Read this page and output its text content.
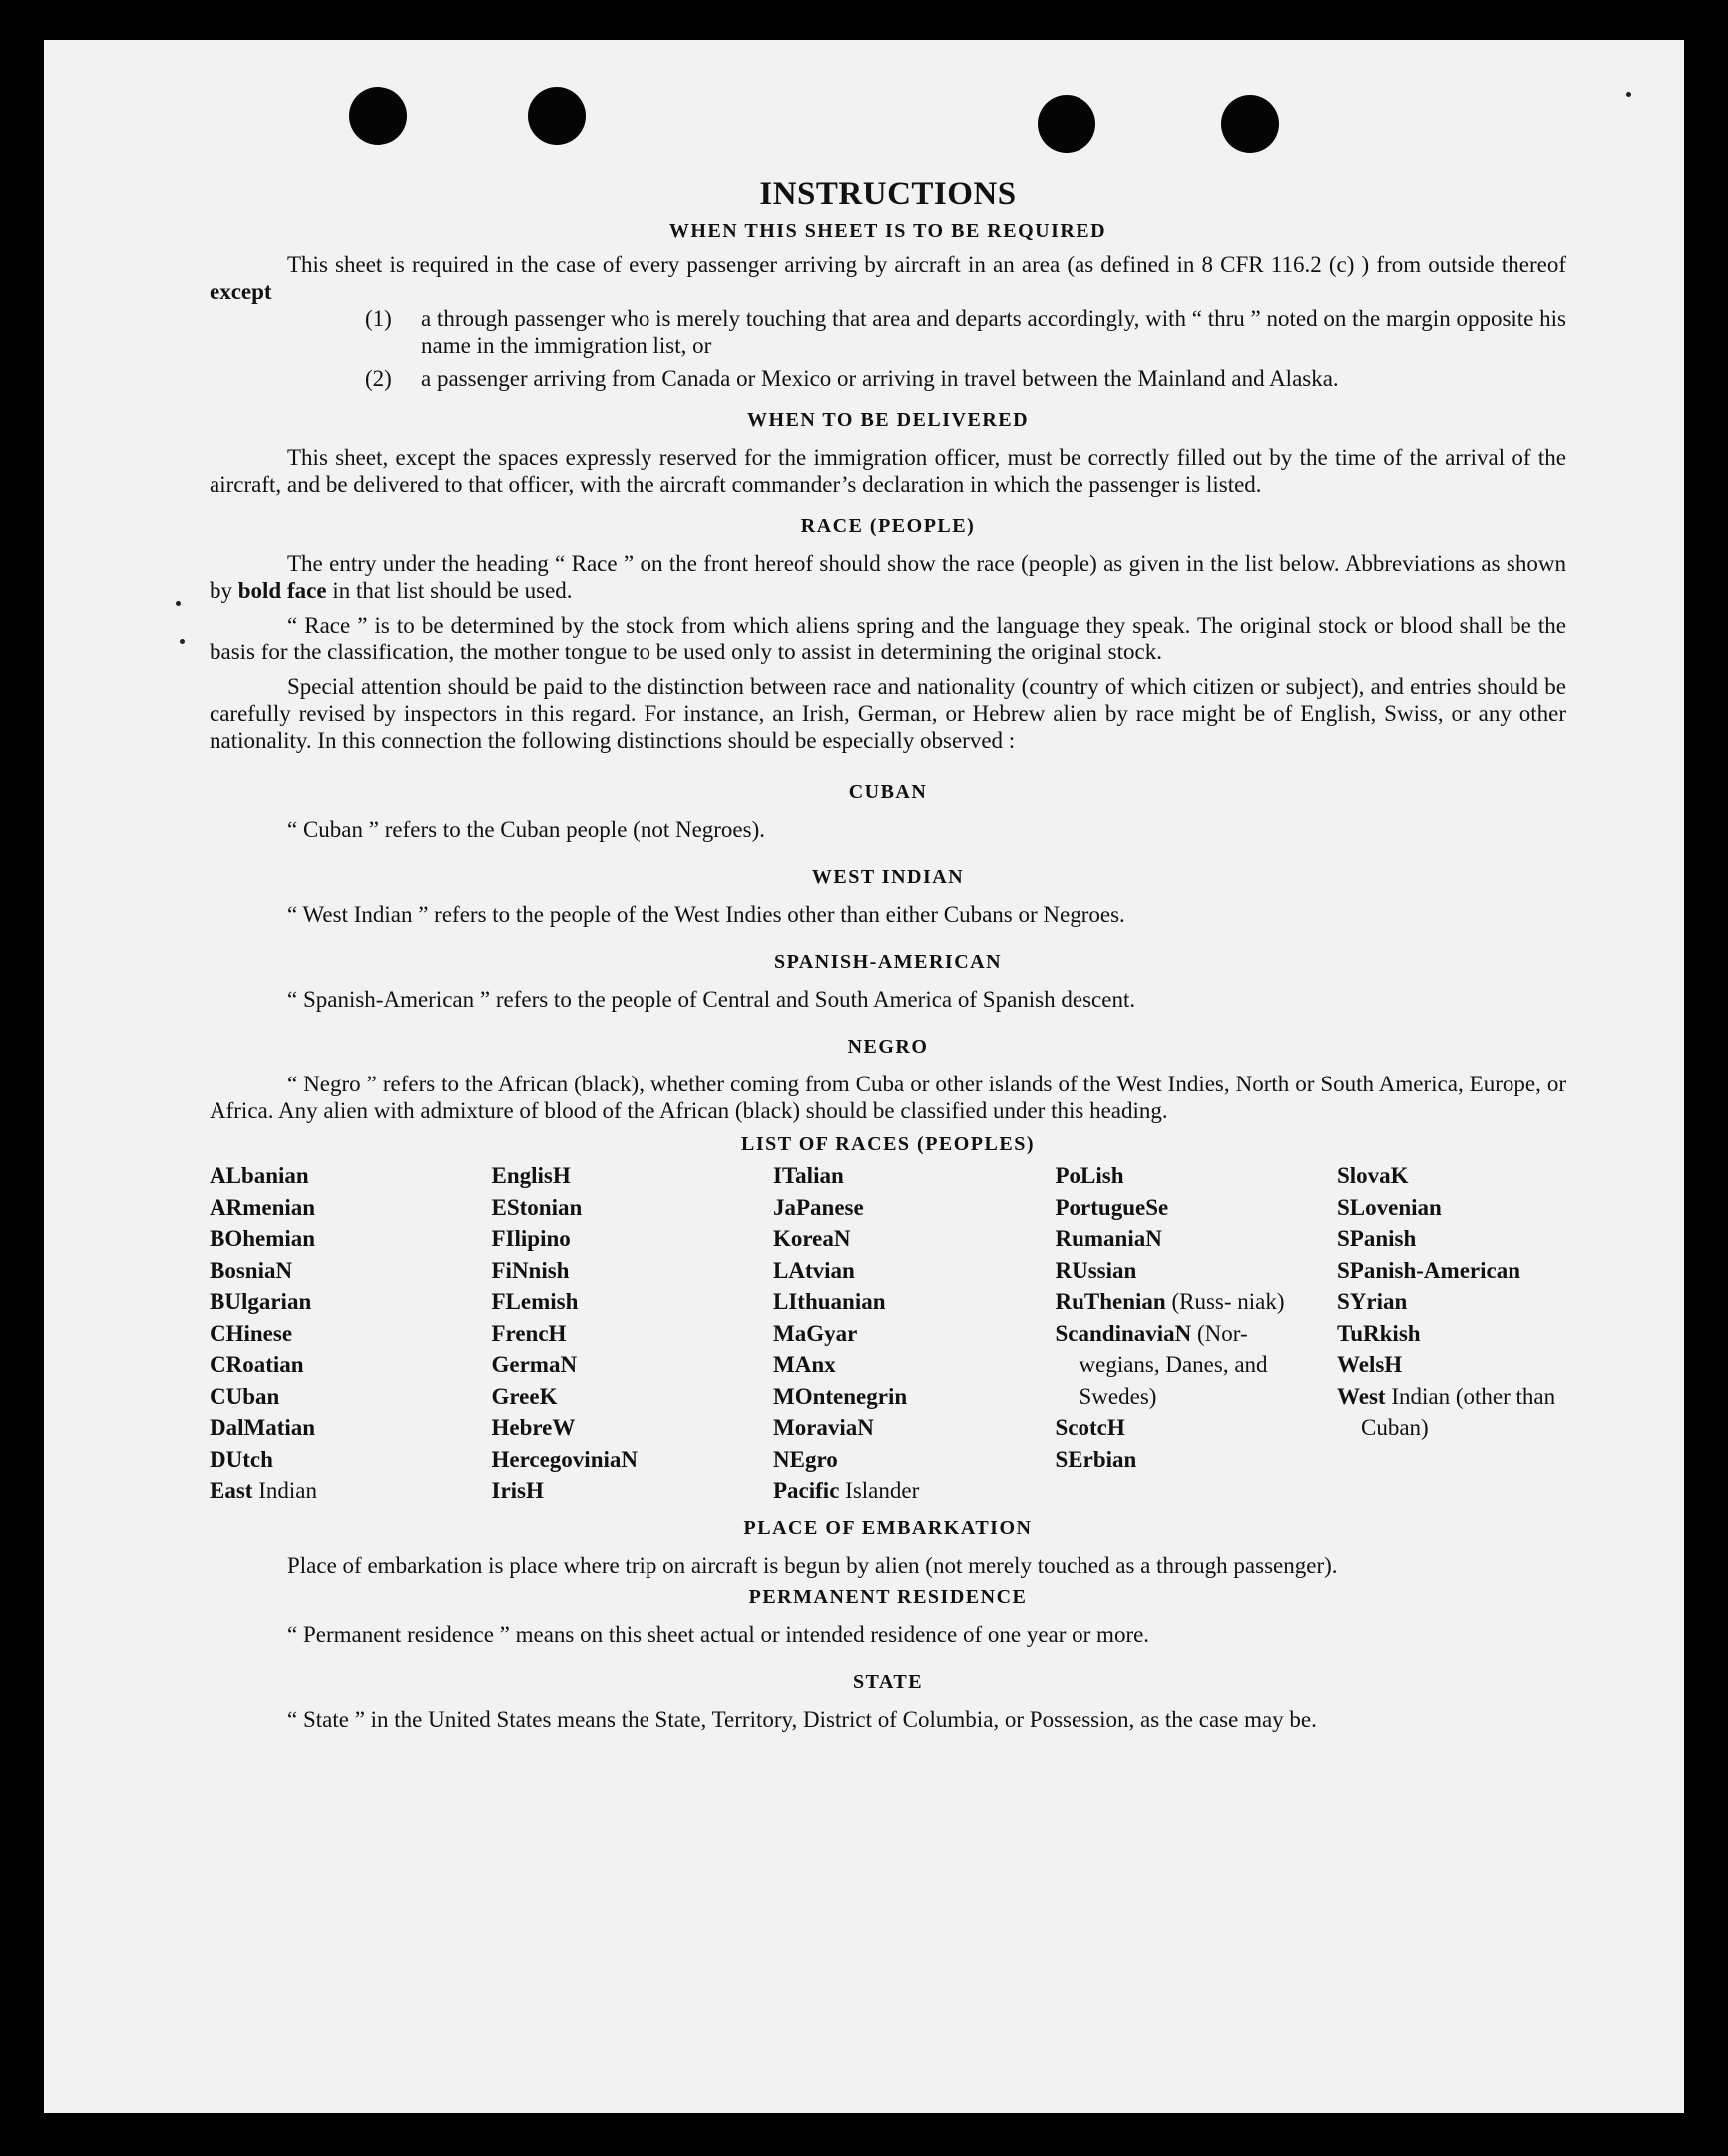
INSTRUCTIONS
WHEN THIS SHEET IS TO BE REQUIRED

This sheet is required in the case of every passenger arriving by aircraft in an area (as defined in 8 CFR 116.2 (c) ) from outside thereof except

(1) a through passenger who is merely touching that area and departs accordingly, with “ thru ” noted on the margin opposite his name in the immigration list, or

(2) a passenger arriving from Canada or Mexico or arriving in travel between the Mainland and Alaska.

WHEN TO BE DELIVERED

This sheet, except the spaces expressly reserved for the immigration officer, must be correctly filled out by the time of the arrival of the aircraft, and be delivered to that officer, with the aircraft commander’s declaration in which the passenger is listed.

RACE (PEOPLE)

The entry under the heading “ Race ” on the front hereof should show the race (people) as given in the list below. Abbreviations as shown by bold face in that list should be used.

“ Race ” is to be determined by the stock from which aliens spring and the language they speak. The original stock or blood shall be the basis for the classification, the mother tongue to be used only to assist in determining the original stock.

Special attention should be paid to the distinction between race and nationality (country of which citizen or subject), and entries should be carefully revised by inspectors in this regard. For instance, an Irish, German, or Hebrew alien by race might be of English, Swiss, or any other nationality. In this connection the following distinctions should be especially observed :

CUBAN

“ Cuban ” refers to the Cuban people (not Negroes).

WEST INDIAN

“ West Indian ” refers to the people of the West Indies other than either Cubans or Negroes.

SPANISH-AMERICAN

“ Spanish-American ” refers to the people of Central and South America of Spanish descent.

NEGRO

“ Negro ” refers to the African (black), whether coming from Cuba or other islands of the West Indies, North or South America, Europe, or Africa. Any alien with admixture of blood of the African (black) should be classified under this heading.

LIST OF RACES (PEOPLES)
ALbanian
ARmenian
BOhemian
BosniaN
BUlgarian
CHinese
CRoatian
CUban
DalMatian
DUtch
East Indian
EnglisH
EStonian
FIlipino
FiNnish
FLemish
FrencH
GermaN
GreeK
HebreW
HercegoviniaN
IrisH
ITalian
JaPanese
KoreaN
LAtvian
LIthuanian
MaGyar
MAnx
MOntenegrin
MoraviaN
NEgro
Pacific Islander
PoLish
PortugueSe
RumaniaN
RUssian
RuThenian (Russ- niak)
ScandinaviaN (Nor- wegians, Danes, and Swedes)
ScotcH
SErbian
SlovaK
SLovenian
SPanish
SPanish-American
SYrian
TuRkish
WelsH
West Indian (other than Cuban)
PLACE OF EMBARKATION

Place of embarkation is place where trip on aircraft is begun by alien (not merely touched as a through passenger).

PERMANENT RESIDENCE

“ Permanent residence ” means on this sheet actual or intended residence of one year or more.

STATE

“ State ” in the United States means the State, Territory, District of Columbia, or Possession, as the case may be.
